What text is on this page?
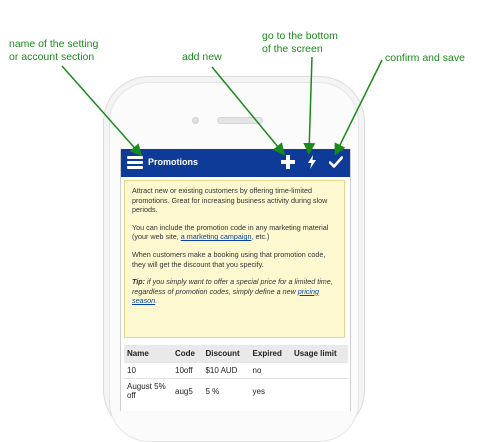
name of the setting
or account section	add new
go to the bottom
of the screen
confirm and save
Promotions

Attract new or existing customers by offering time-limited promotions. Great for increasing business activity during slow periods.

You can include the promotion code in any marketing material (your web site, a marketing campaign, etc.)

When customers make a booking using that promotion code, they will get the discount that you specify.

Tip: if you simply want to offer a special price for a limited time, regardless of promotion codes, simply define a new pricing season.

Name	Code	Discount	Expired	Usage limit
10	10off	$10 AUD	no	
August 5% off	aug5	5 %	yes	
